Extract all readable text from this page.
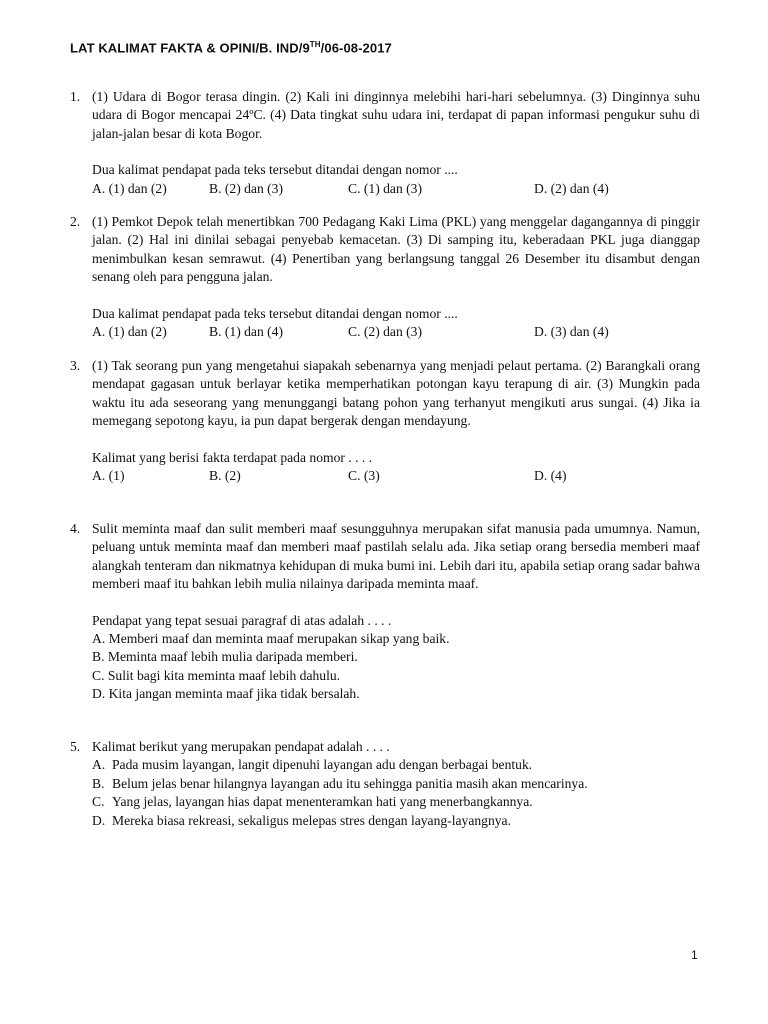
LAT KALIMAT FAKTA & OPINI/B. IND/9TH/06-08-2017
1. (1) Udara di Bogor terasa dingin. (2) Kali ini dinginnya melebihi hari-hari sebelumnya. (3) Dinginnya suhu udara di Bogor mencapai 24ºC. (4) Data tingkat suhu udara ini, terdapat di papan informasi pengukur suhu di jalan-jalan besar di kota Bogor.
Dua kalimat pendapat pada teks tersebut ditandai dengan nomor ....
A. (1) dan (2)	B. (2) dan (3)	C. (1) dan (3)	D. (2) dan (4)
2. (1) Pemkot Depok telah menertibkan 700 Pedagang Kaki Lima (PKL) yang menggelar dagangannya di pinggir jalan. (2) Hal ini dinilai sebagai penyebab kemacetan. (3) Di samping itu, keberadaan PKL juga dianggap menimbulkan kesan semrawut. (4) Penertiban yang berlangsung tanggal 26 Desember itu disambut dengan senang oleh para pengguna jalan.
Dua kalimat pendapat pada teks tersebut ditandai dengan nomor ....
A. (1) dan (2)	B. (1) dan (4)	C. (2) dan (3)	D. (3) dan (4)
3. (1) Tak seorang pun yang mengetahui siapakah sebenarnya yang menjadi pelaut pertama. (2) Barangkali orang mendapat gagasan untuk berlayar ketika memperhatikan potongan kayu terapung di air. (3) Mungkin pada waktu itu ada seseorang yang menunggangi batang pohon yang terhanyut mengikuti arus sungai. (4) Jika ia memegang sepotong kayu, ia pun dapat bergerak dengan mendayung.
Kalimat yang berisi fakta terdapat pada nomor . . . .
A. (1)	B. (2)	C. (3)	D. (4)
4. Sulit meminta maaf dan sulit memberi maaf sesungguhnya merupakan sifat manusia pada umumnya. Namun, peluang untuk meminta maaf dan memberi maaf pastilah selalu ada. Jika setiap orang bersedia memberi maaf alangkah tenteram dan nikmatnya kehidupan di muka bumi ini. Lebih dari itu, apabila setiap orang sadar bahwa memberi maaf itu bahkan lebih mulia nilainya daripada meminta maaf.
Pendapat yang tepat sesuai paragraf di atas adalah . . . .
A. Memberi maaf dan meminta maaf merupakan sikap yang baik.
B. Meminta maaf lebih mulia daripada memberi.
C. Sulit bagi kita meminta maaf lebih dahulu.
D. Kita jangan meminta maaf jika tidak bersalah.
5. Kalimat berikut yang merupakan pendapat adalah . . . .
A. Pada musim layangan, langit dipenuhi layangan adu dengan berbagai bentuk.
B. Belum jelas benar hilangnya layangan adu itu sehingga panitia masih akan mencarinya.
C. Yang jelas, layangan hias dapat menenteramkan hati yang menerbangkannya.
D. Mereka biasa rekreasi, sekaligus melepas stres dengan layang-layangnya.
1
